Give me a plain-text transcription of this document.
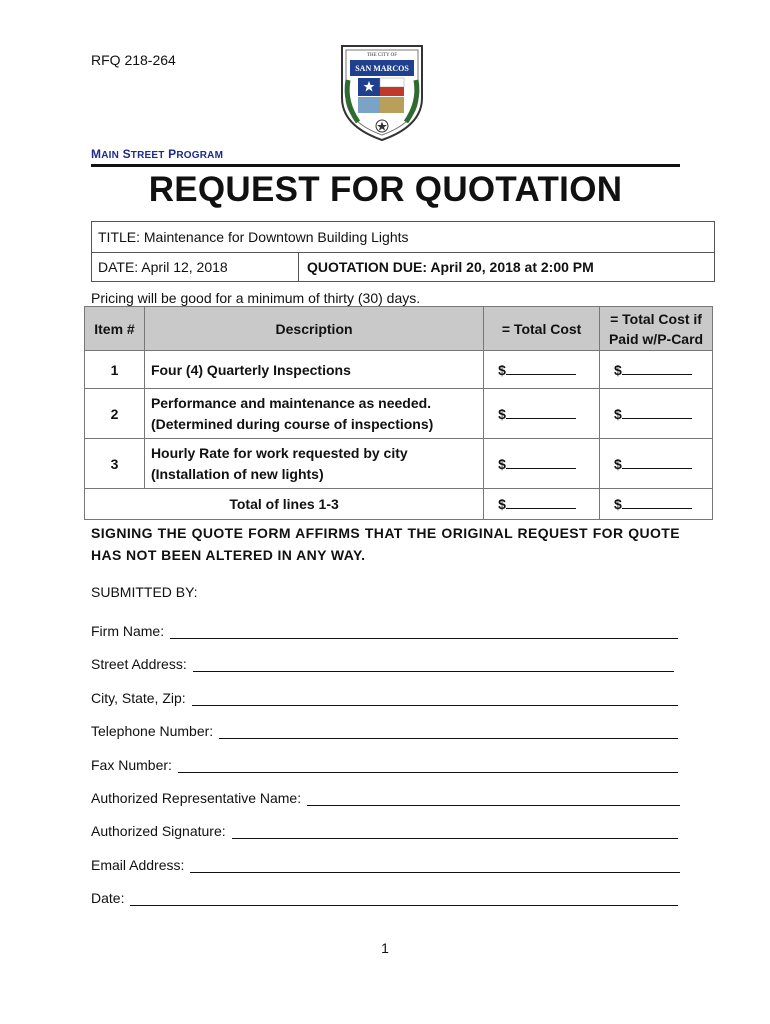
RFQ 218-264	THE CITY OF
SAN MARCOS
MAIN STREET PROGRAM
REQUEST FOR QUOTATION
TITLE: Maintenance for Downtown Building Lights
DATE: April 12, 2018	QUOTATION DUE: April 20, 2018 at 2:00 PM
Pricing will be good for a minimum of thirty (30) days.
Item #	Description	= Total Cost	= Total Cost if Paid w/P-Card
1	Four (4) Quarterly Inspections	$	$
2	Performance and maintenance as needed. (Determined during course of inspections)	$	$
3	Hourly Rate for work requested by city (Installation of new lights)	$	$
Total of lines 1-3		$	$
SIGNING THE QUOTE FORM AFFIRMS THAT THE ORIGINAL REQUEST FOR QUOTE HAS NOT BEEN ALTERED IN ANY WAY.
SUBMITTED BY:
Firm Name:
Street Address:
City, State, Zip:
Telephone Number:
Fax Number:
Authorized Representative Name:
Authorized Signature:
Email Address:
Date:
1
